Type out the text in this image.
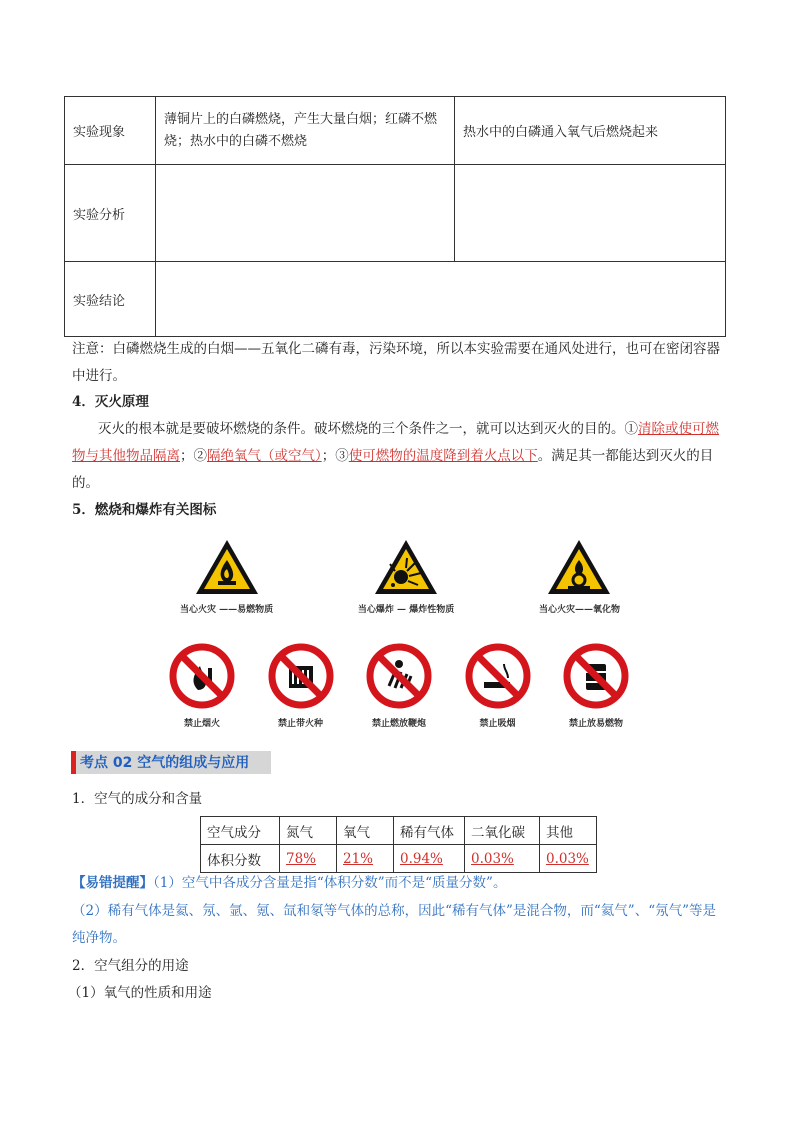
实验现象	薄铜片上的白磷燃烧，产生大量白烟；红磷不燃烧；热水中的白磷不燃烧	热水中的白磷通入氧气后燃烧起来
实验分析		
实验结论		
注意：白磷燃烧生成的白烟——五氧化二磷有毒，污染环境，所以本实验需要在通风处进行，也可在密闭容器中进行。
4．灭火原理
灭火的根本就是要破坏燃烧的条件。破坏燃烧的三个条件之一，就可以达到灭火的目的。①清除或使可燃物与其他物品隔离；②隔绝氧气（或空气）；③使可燃物的温度降到着火点以下。满足其一都能达到灭火的目的。
5．燃烧和爆炸有关图标
当心火灾 ——易燃物质	当心爆炸 — 爆炸性物质	当心火灾——氧化物
禁止烟火	禁止带火种	禁止燃放鞭炮	禁止吸烟	禁止放易燃物
考点 02 空气的组成与应用
1．空气的成分和含量
空气成分	氮气	氧气	稀有气体	二氧化碳	其他
体积分数	78%	21%	0.94%	0.03%	0.03%
【易错提醒】（1）空气中各成分含量是指“体积分数”而不是“质量分数”。
（2）稀有气体是氦、氖、氩、氪、氙和氡等气体的总称，因此“稀有气体”是混合物，而“氦气”、“氖气”等是纯净物。
2．空气组分的用途
（1）氧气的性质和用途
